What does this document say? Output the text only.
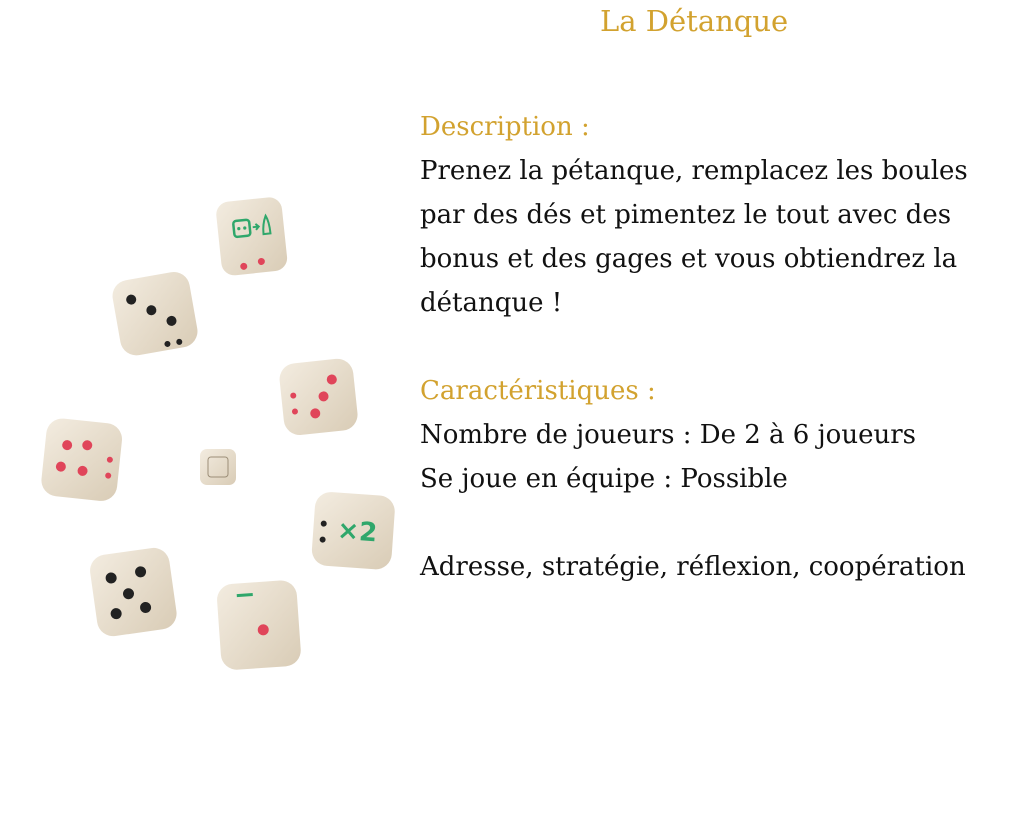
La Détanque
Description :
Prenez la pétanque, remplacez les boules
par des dés et pimentez le tout avec des
bonus et des gages et vous obtiendrez la
détanque !
Caractéristiques :
Nombre de joueurs : De 2 à 6 joueurs
Se joue en équipe : Possible
Adresse, stratégie, réflexion, coopération
×2
